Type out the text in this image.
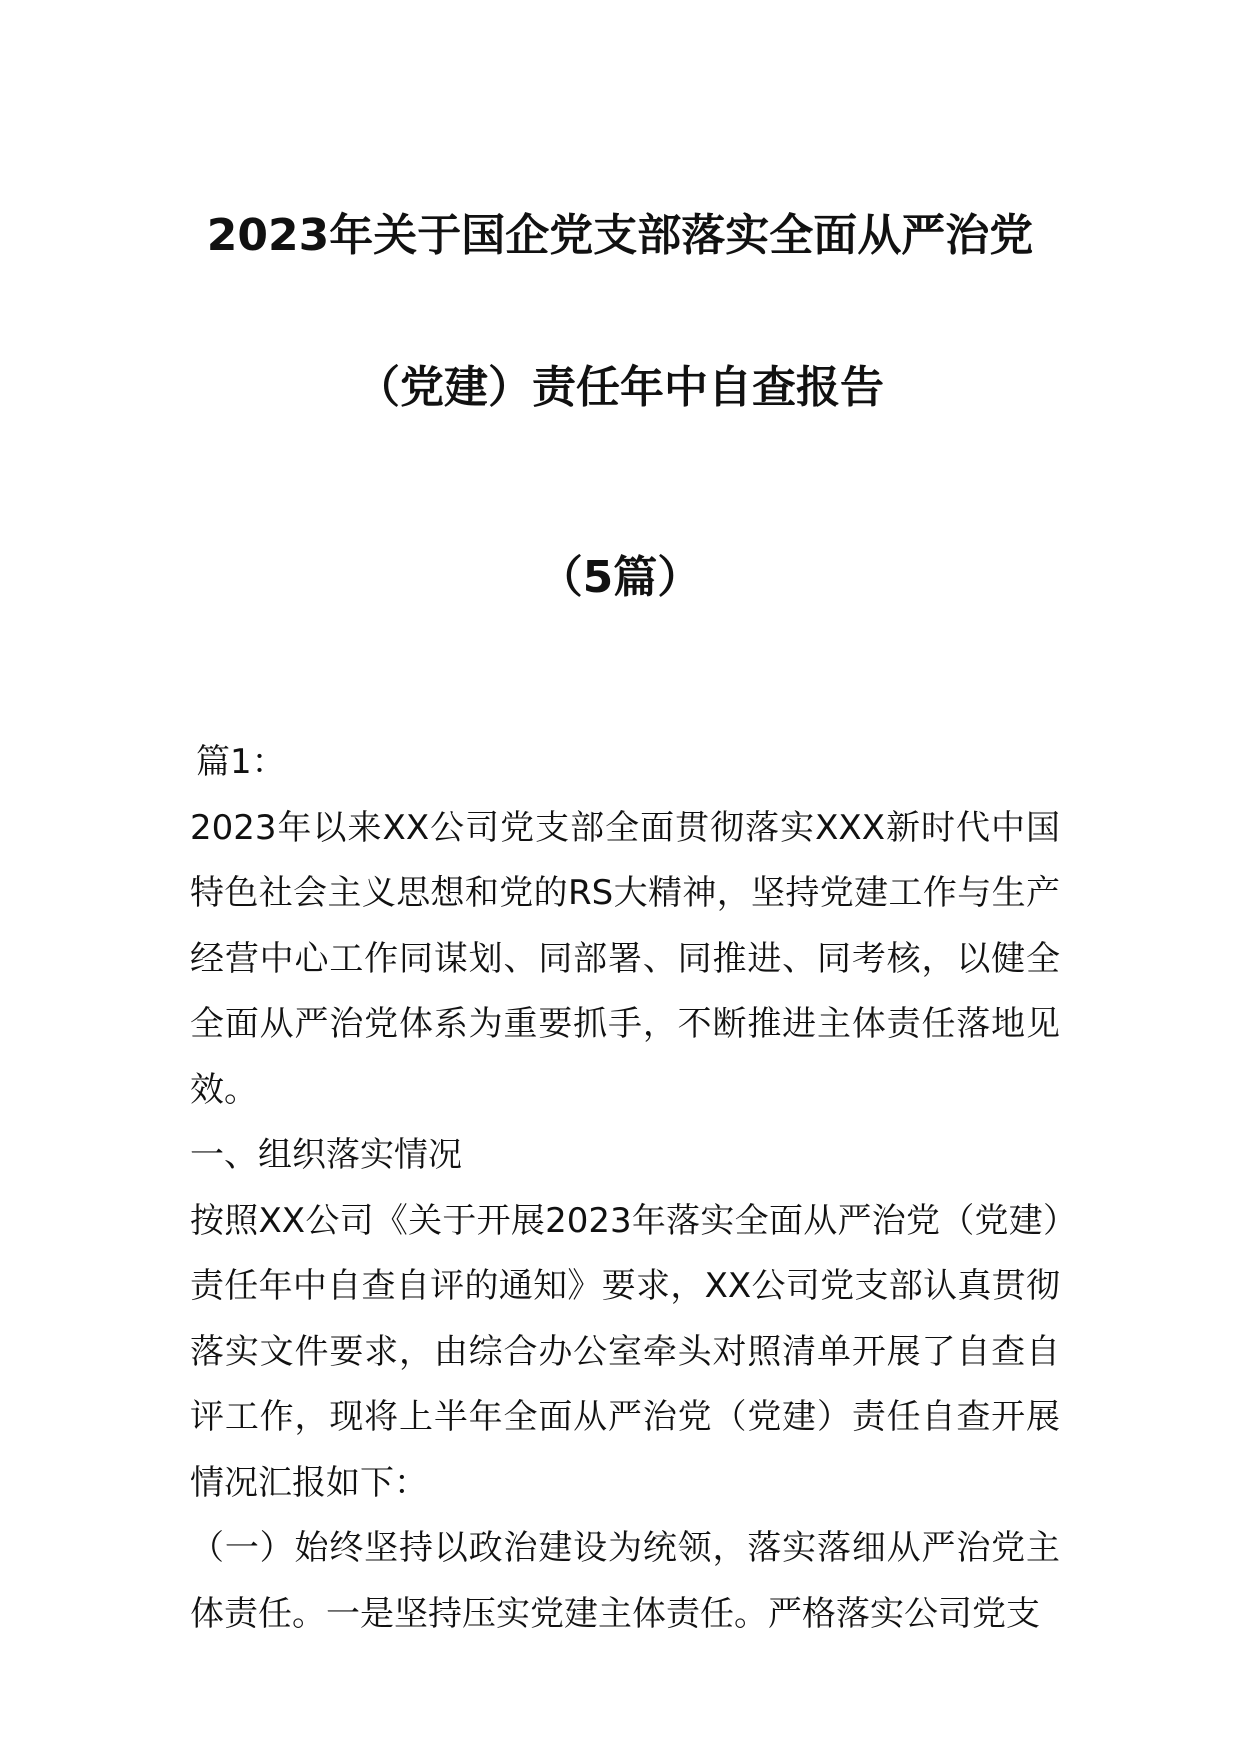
2023年关于国企党支部落实全面从严治党
（党建）责任年中自查报告
（5篇）

篇1：

2023年以来XX公司党支部全面贯彻落实XXX新时代中国特色社会主义思想和党的RS大精神，坚持党建工作与生产经营中心工作同谋划、同部署、同推进、同考核，以健全全面从严治党体系为重要抓手，不断推进主体责任落地见效。

一、组织落实情况

按照XX公司《关于开展2023年落实全面从严治党（党建）责任年中自查自评的通知》要求，XX公司党支部认真贯彻落实文件要求，由综合办公室牵头对照清单开展了自查自评工作，现将上半年全面从严治党（党建）责任自查开展情况汇报如下：

（一）始终坚持以政治建设为统领，落实落细从严治党主体责任。一是坚持压实党建主体责任。严格落实公司党支
